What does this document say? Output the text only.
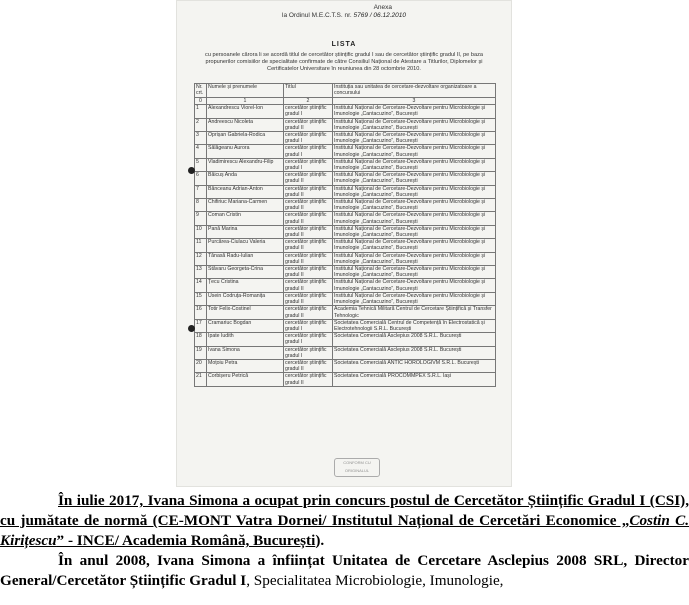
Anexa
la Ordinul M.E.C.T.S. nr. 5769 / 06.12.2010
LISTA
cu persoanele cărora li se acordă titlul de cercetător științific gradul I sau de cercetător științific gradul II, pe baza propunerilor comisiilor de specialitate confirmate de către Consiliul Național de Atestare a Titlurilor, Diplomelor și Certificatelor Universitare în reuniunea din 28 octombrie 2010.
Nr. crt.	Numele și prenumele	Titlul	Instituția sau unitatea de cercetare-dezvoltare organizatoare a concursului
0	1	2	3
1	Alexandrescu Viorel-Ion	cercetător științific gradul I	Institutul Național de Cercetare-Dezvoltare pentru Microbiologie și Imunologie „Cantacuzino”, București
2	Andreescu Nicoleta	cercetător științific gradul II	Institutul Național de Cercetare-Dezvoltare pentru Microbiologie și Imunologie „Cantacuzino”, București
3	Oprișan Gabriela-Rodica	cercetător științific gradul I	Institutul Național de Cercetare-Dezvoltare pentru Microbiologie și Imunologie „Cantacuzino”, București
4	Sălăgeanu Aurora	cercetător științific gradul I	Institutul Național de Cercetare-Dezvoltare pentru Microbiologie și Imunologie „Cantacuzino”, București
5	Vladimirescu Alexandru-Filip	cercetător științific gradul I	Institutul Național de Cercetare-Dezvoltare pentru Microbiologie și Imunologie „Cantacuzino”, București
6	Băicuș Anda	cercetător științific gradul II	Institutul Național de Cercetare-Dezvoltare pentru Microbiologie și Imunologie „Cantacuzino”, București
7	Bănceanu Adrian-Anton	cercetător științific gradul II	Institutul Național de Cercetare-Dezvoltare pentru Microbiologie și Imunologie „Cantacuzino”, București
8	Chifiriuc Mariana-Carmen	cercetător științific gradul II	Institutul Național de Cercetare-Dezvoltare pentru Microbiologie și Imunologie „Cantacuzino”, București
9	Coman Cristin	cercetător științific gradul II	Institutul Național de Cercetare-Dezvoltare pentru Microbiologie și Imunologie „Cantacuzino”, București
10	Pană Marina	cercetător științific gradul II	Institutul Național de Cercetare-Dezvoltare pentru Microbiologie și Imunologie „Cantacuzino”, București
11	Purcărea-Ciulacu Valeria	cercetător științific gradul II	Institutul Național de Cercetare-Dezvoltare pentru Microbiologie și Imunologie „Cantacuzino”, București
12	Tănasă Radu-Iulian	cercetător științific gradul II	Institutul Național de Cercetare-Dezvoltare pentru Microbiologie și Imunologie „Cantacuzino”, București
13	Stăvaru Georgeta-Crina	cercetător științific gradul II	Institutul Național de Cercetare-Dezvoltare pentru Microbiologie și Imunologie „Cantacuzino”, București
14	Țecu Cristina	cercetător științific gradul II	Institutul Național de Cercetare-Dezvoltare pentru Microbiologie și Imunologie „Cantacuzino”, București
15	Usein Codruța-Romanița	cercetător științific gradul II	Institutul Național de Cercetare-Dezvoltare pentru Microbiologie și Imunologie „Cantacuzino”, București
16	Totir Felix-Costinel	cercetător științific gradul II	Academia Tehnică Militară Centrul de Cercetare Științifică și Transfer Tehnologic
17	Cramariuc Bogdan	cercetător științific gradul I	Societatea Comercială Centrul de Competență în Electrostatică și Electrotehnologii S.R.L. București
18	Ipate Iudith	cercetător științific gradul I	Societatea Comercială Asclepius 2008 S.R.L. București
19	Ivana Simona	cercetător științific gradul I	Societatea Comercială Asclepius 2008 S.R.L. București
20	Moțoiu Petra	cercetător științific gradul II	Societatea Comercială ANTIC HOROLOGIVM S.R.L. București
21	Corbișeru Petrică	cercetător științific gradul II	Societatea Comercială PROCOMMPEX S.R.L. Iași
CONFORM CU ORIGINALUL

În iulie 2017, Ivana Simona a ocupat prin concurs postul de Cercetător Științific Gradul I (CSI), cu jumătate de normă (CE-MONT Vatra Dornei/ Institutul Național de Cercetări Economice „Costin C. Kirițescu” - INCE/ Academia Română, București).

În anul 2008, Ivana Simona a înființat Unitatea de Cercetare Asclepius 2008 SRL, Director General/Cercetător Științific Gradul I, Specialitatea Microbiologie, Imunologie,
